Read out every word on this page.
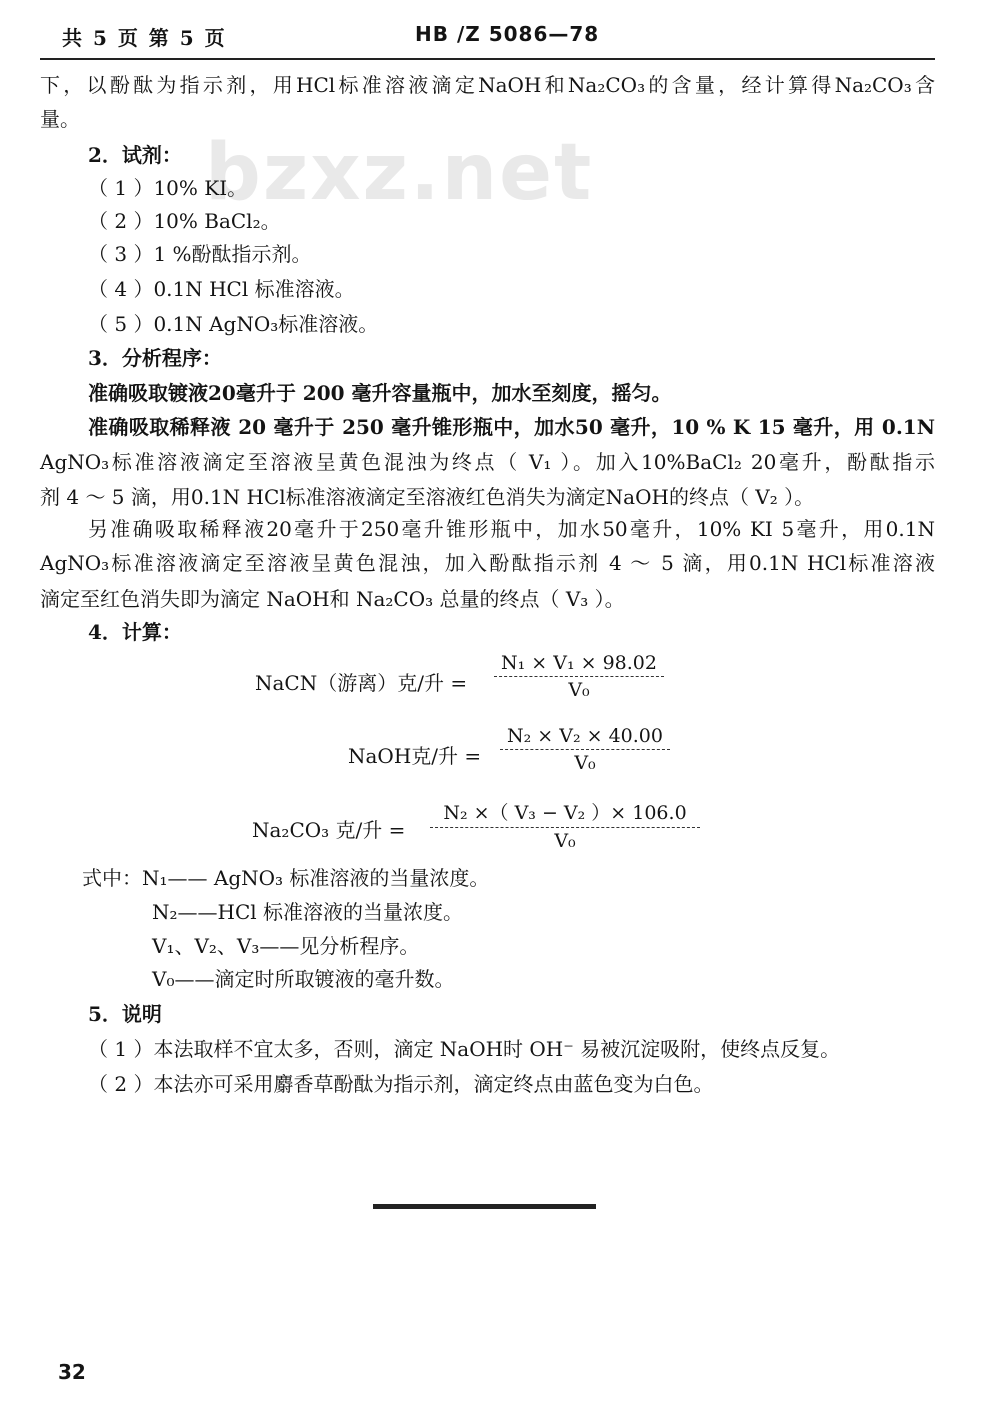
共 5 页 第 5 页	HB /Z 5086—78
bzxz.net
下，以酚酞为指示剂，用HCl标准溶液滴定NaOH和Na₂CO₃的含量，经计算得Na₂CO₃含
量。
2．试剂：
（ 1 ）10% KI。
（ 2 ）10% BaCl₂。
（ 3 ）1 %酚酞指示剂。
（ 4 ）0.1N HCl 标准溶液。
（ 5 ）0.1N AgNO₃标准溶液。
3．分析程序：
准确吸取镀液20毫升于 200 毫升容量瓶中，加水至刻度，摇匀。
准确吸取稀释液 20 毫升于 250 毫升锥形瓶中，加水50 毫升，10 % K 15 毫升，用 0.1N
AgNO₃标准溶液滴定至溶液呈黄色混浊为终点（ V₁ ）。加入10%BaCl₂ 20毫升，酚酞指示
剂 4 ～ 5 滴，用0.1N HCl标准溶液滴定至溶液红色消失为滴定NaOH的终点（ V₂ ）。
另准确吸取稀释液20毫升于250毫升锥形瓶中，加水50毫升，10% KI 5毫升，用0.1N
AgNO₃标准溶液滴定至溶液呈黄色混浊，加入酚酞指示剂 4 ～ 5 滴，用0.1N HCl标准溶液
滴定至红色消失即为滴定 NaOH和 Na₂CO₃ 总量的终点（ V₃ ）。
4．计算：
NaCN（游离）克/升 = $\frac{\text{N₁ × V₁ × 98.02}}{\text{V₀}}$
NaOH克/升 = $\frac{\text{N₂ × V₂ × 40.00}}{\text{V₀}}$
Na₂CO₃ 克/升 = $\frac{\text{N₂ ×（ V₃ − V₂ ）× 106.0}}{\text{V₀}}$
式中：N₁—— AgNO₃ 标准溶液的当量浓度。
N₂——HCl 标准溶液的当量浓度。
V₁、V₂、V₃——见分析程序。
V₀——滴定时所取镀液的毫升数。
5．说明
（ 1 ）本法取样不宜太多，否则，滴定 NaOH时 OH⁻ 易被沉淀吸附，使终点反复。
（ 2 ）本法亦可采用麝香草酚酞为指示剂，滴定终点由蓝色变为白色。
32
